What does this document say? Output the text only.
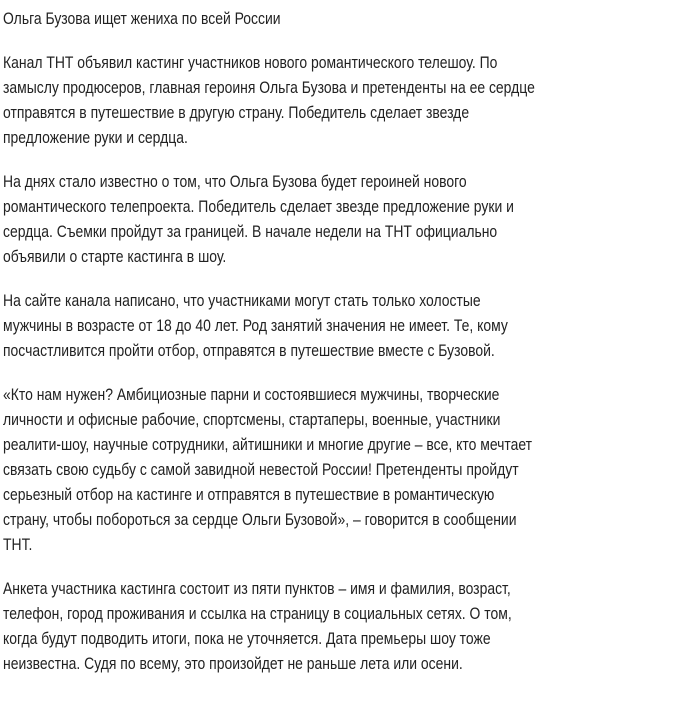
Ольга Бузова ищет жениха по всей России
Канал ТНТ объявил кастинг участников нового романтического телешоу. По
замыслу продюсеров, главная героиня Ольга Бузова и претенденты на ее сердце
отправятся в путешествие в другую страну. Победитель сделает звезде
предложение руки и сердца.
На днях стало известно о том, что Ольга Бузова будет героиней нового
романтического телепроекта. Победитель сделает звезде предложение руки и
сердца. Съемки пройдут за границей. В начале недели на ТНТ официально
объявили о старте кастинга в шоу.
На сайте канала написано, что участниками могут стать только холостые
мужчины в возрасте от 18 до 40 лет. Род занятий значения не имеет. Те, кому
посчастливится пройти отбор, отправятся в путешествие вместе с Бузовой.
«Кто нам нужен? Амбициозные парни и состоявшиеся мужчины, творческие
личности и офисные рабочие, спортсмены, стартаперы, военные, участники
реалити-шоу, научные сотрудники, айтишники и многие другие – все, кто мечтает
связать свою судьбу с самой завидной невестой России! Претенденты пройдут
серьезный отбор на кастинге и отправятся в путешествие в романтическую
страну, чтобы побороться за сердце Ольги Бузовой», – говорится в сообщении
ТНТ.
Анкета участника кастинга состоит из пяти пунктов – имя и фамилия, возраст,
телефон, город проживания и ссылка на страницу в социальных сетях. О том,
когда будут подводить итоги, пока не уточняется. Дата премьеры шоу тоже
неизвестна. Судя по всему, это произойдет не раньше лета или осени.
